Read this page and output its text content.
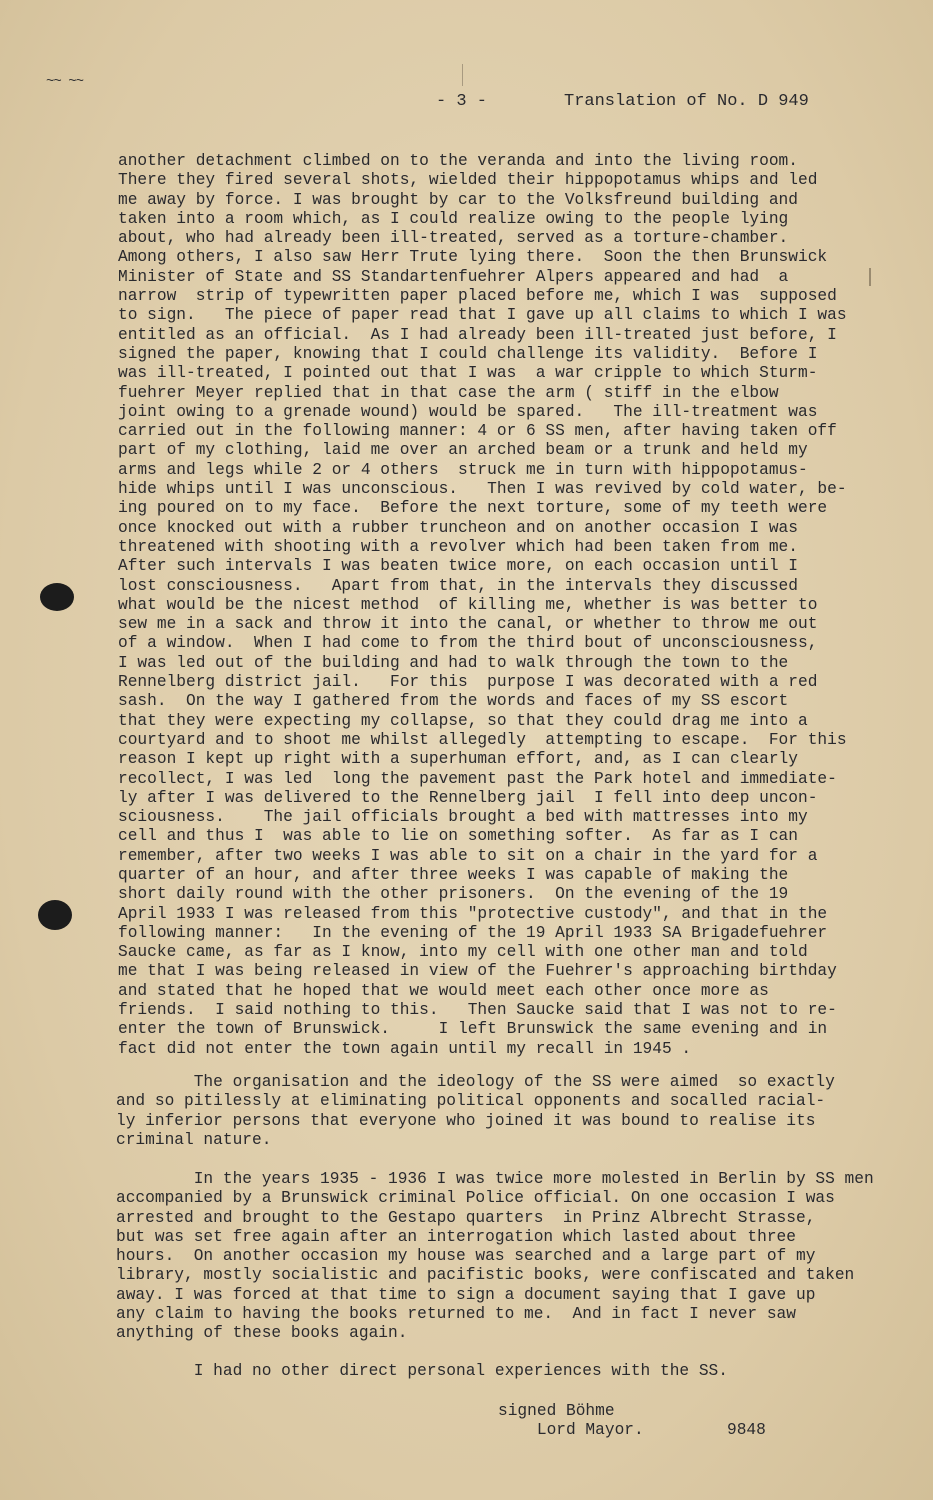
~~ ~~
- 3 -	Translation of No. D 949
another detachment climbed on to the veranda and into the living room.
There they fired several shots, wielded their hippopotamus whips and led
me away by force. I was brought by car to the Volksfreund building and
taken into a room which, as I could realize owing to the people lying
about, who had already been ill-treated, served as a torture-chamber.
Among others, I also saw Herr Trute lying there.  Soon the then Brunswick
Minister of State and SS Standartenfuehrer Alpers appeared and had  a
narrow  strip of typewritten paper placed before me, which I was  supposed
to sign.   The piece of paper read that I gave up all claims to which I was
entitled as an official.  As I had already been ill-treated just before, I
signed the paper, knowing that I could challenge its validity.  Before I
was ill-treated, I pointed out that I was  a war cripple to which Sturm-
fuehrer Meyer replied that in that case the arm ( stiff in the elbow
joint owing to a grenade wound) would be spared.   The ill-treatment was
carried out in the following manner: 4 or 6 SS men, after having taken off
part of my clothing, laid me over an arched beam or a trunk and held my
arms and legs while 2 or 4 others  struck me in turn with hippopotamus-
hide whips until I was unconscious.   Then I was revived by cold water, be-
ing poured on to my face.  Before the next torture, some of my teeth were
once knocked out with a rubber truncheon and on another occasion I was
threatened with shooting with a revolver which had been taken from me.
After such intervals I was beaten twice more, on each occasion until I
lost consciousness.   Apart from that, in the intervals they discussed
what would be the nicest method  of killing me, whether is was better to
sew me in a sack and throw it into the canal, or whether to throw me out
of a window.  When I had come to from the third bout of unconsciousness,
I was led out of the building and had to walk through the town to the
Rennelberg district jail.   For this  purpose I was decorated with a red
sash.  On the way I gathered from the words and faces of my SS escort
that they were expecting my collapse, so that they could drag me into a
courtyard and to shoot me whilst allegedly  attempting to escape.  For this
reason I kept up right with a superhuman effort, and, as I can clearly
recollect, I was led  long the pavement past the Park hotel and immediate-
ly after I was delivered to the Rennelberg jail  I fell into deep uncon-
sciousness.    The jail officials brought a bed with mattresses into my
cell and thus I  was able to lie on something softer.  As far as I can
remember, after two weeks I was able to sit on a chair in the yard for a
quarter of an hour, and after three weeks I was capable of making the
short daily round with the other prisoners.  On the evening of the 19
April 1933 I was released from this "protective custody", and that in the
following manner:   In the evening of the 19 April 1933 SA Brigadefuehrer
Saucke came, as far as I know, into my cell with one other man and told
me that I was being released in view of the Fuehrer's approaching birthday
and stated that he hoped that we would meet each other once more as
friends.  I said nothing to this.   Then Saucke said that I was not to re-
enter the town of Brunswick.     I left Brunswick the same evening and in
fact did not enter the town again until my recall in 1945 .
The organisation and the ideology of the SS were aimed  so exactly
and so pitilessly at eliminating political opponents and socalled racial-
ly inferior persons that everyone who joined it was bound to realise its
criminal nature.
In the years 1935 - 1936 I was twice more molested in Berlin by SS men
accompanied by a Brunswick criminal Police official. On one occasion I was
arrested and brought to the Gestapo quarters  in Prinz Albrecht Strasse,
but was set free again after an interrogation which lasted about three
hours.  On another occasion my house was searched and a large part of my
library, mostly socialistic and pacifistic books, were confiscated and taken
away. I was forced at that time to sign a document saying that I gave up
any claim to having the books returned to me.  And in fact I never saw
anything of these books again.
I had no other direct personal experiences with the SS.
signed Böhme
Lord Mayor.	9848
